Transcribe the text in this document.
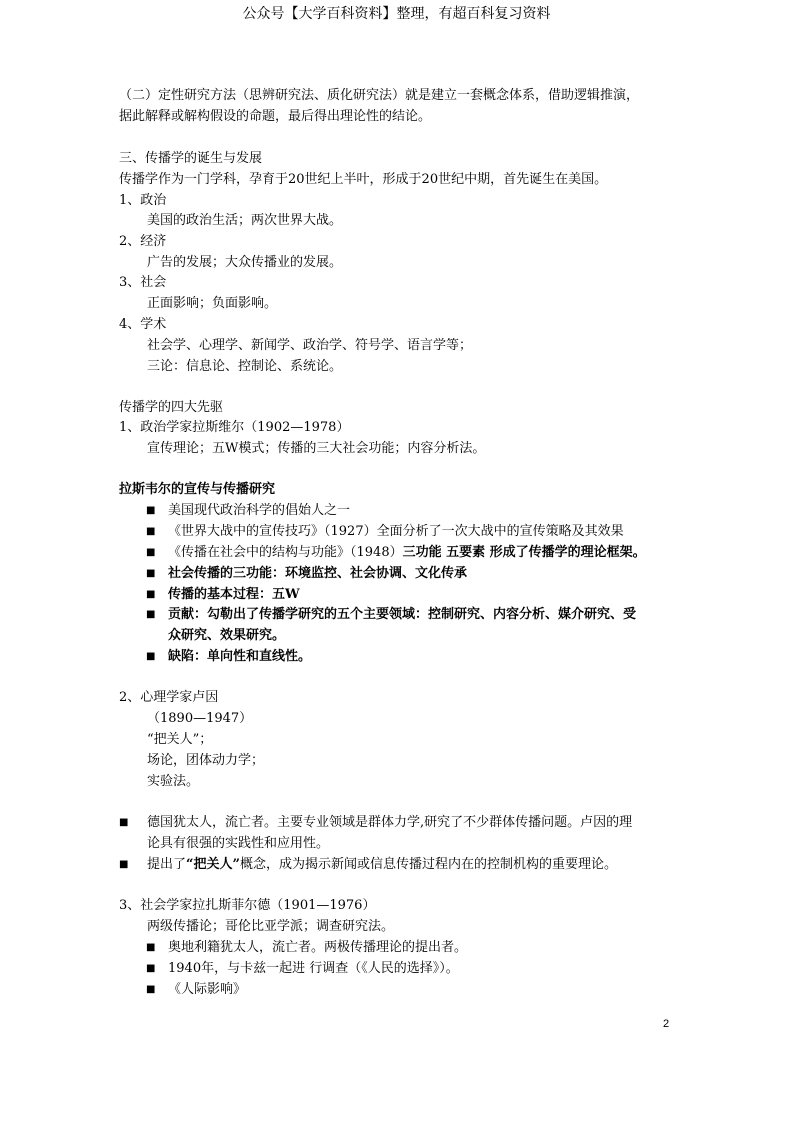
公众号【大学百科资料】整理，有超百科复习资料
（二）定性研究方法（思辨研究法、质化研究法）就是建立一套概念体系，借助逻辑推演，
据此解释或解构假设的命题，最后得出理论性的结论。
三、传播学的诞生与发展
传播学作为一门学科，孕育于20世纪上半叶，形成于20世纪中期，首先诞生在美国。
1、政治
美国的政治生活；两次世界大战。
2、经济
广告的发展；大众传播业的发展。
3、社会
正面影响；负面影响。
4、学术
社会学、心理学、新闻学、政治学、符号学、语言学等；
三论：信息论、控制论、系统论。
传播学的四大先驱
1、政治学家拉斯维尔（1902—1978）
宣传理论；五W模式；传播的三大社会功能；内容分析法。
拉斯韦尔的宣传与传播研究
■ 美国现代政治科学的倡始人之一
■ 《世界大战中的宣传技巧》（1927）全面分析了一次大战中的宣传策略及其效果
■ 《传播在社会中的结构与功能》（1948）三功能 五要素 形成了传播学的理论框架。
■ 社会传播的三功能：环境监控、社会协调、文化传承
■ 传播的基本过程：五W
■ 贡献：勾勒出了传播学研究的五个主要领域：控制研究、内容分析、媒介研究、受
众研究、效果研究。
■ 缺陷：单向性和直线性。
2、心理学家卢因
（1890—1947）
“把关人”；
场论，团体动力学；
实验法。
■ 德国犹太人，流亡者。主要专业领域是群体力学,研究了不少群体传播问题。卢因的理
论具有很强的实践性和应用性。
■ 提出了“把关人”概念，成为揭示新闻或信息传播过程内在的控制机构的重要理论。
3、社会学家拉扎斯菲尔德（1901—1976）
两级传播论；哥伦比亚学派；调查研究法。
■ 奥地利籍犹太人，流亡者。两极传播理论的提出者。
■ 1940年，与卡兹一起进 行调查（《人民的选择》）。
■ 《人际影响》
2
